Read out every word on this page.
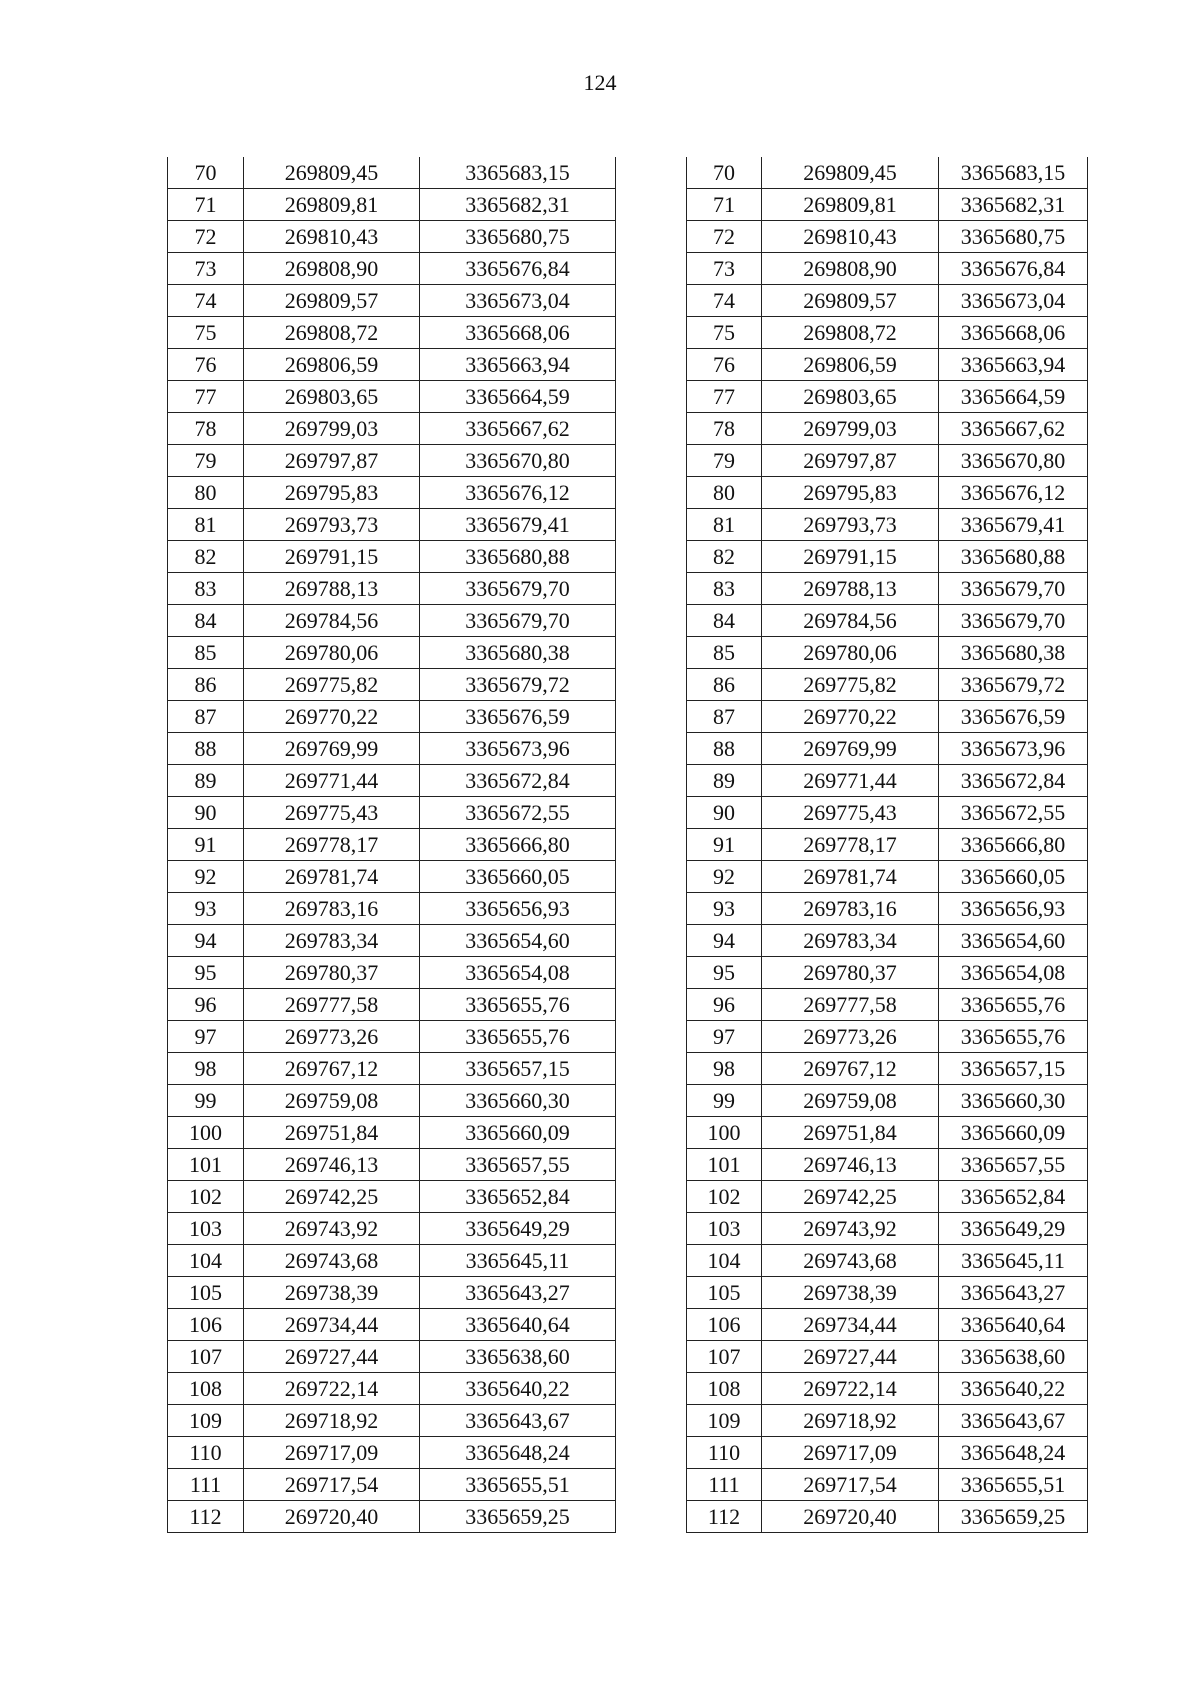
124
70	269809,45	3365683,15
71	269809,81	3365682,31
72	269810,43	3365680,75
73	269808,90	3365676,84
74	269809,57	3365673,04
75	269808,72	3365668,06
76	269806,59	3365663,94
77	269803,65	3365664,59
78	269799,03	3365667,62
79	269797,87	3365670,80
80	269795,83	3365676,12
81	269793,73	3365679,41
82	269791,15	3365680,88
83	269788,13	3365679,70
84	269784,56	3365679,70
85	269780,06	3365680,38
86	269775,82	3365679,72
87	269770,22	3365676,59
88	269769,99	3365673,96
89	269771,44	3365672,84
90	269775,43	3365672,55
91	269778,17	3365666,80
92	269781,74	3365660,05
93	269783,16	3365656,93
94	269783,34	3365654,60
95	269780,37	3365654,08
96	269777,58	3365655,76
97	269773,26	3365655,76
98	269767,12	3365657,15
99	269759,08	3365660,30
100	269751,84	3365660,09
101	269746,13	3365657,55
102	269742,25	3365652,84
103	269743,92	3365649,29
104	269743,68	3365645,11
105	269738,39	3365643,27
106	269734,44	3365640,64
107	269727,44	3365638,60
108	269722,14	3365640,22
109	269718,92	3365643,67
110	269717,09	3365648,24
111	269717,54	3365655,51
112	269720,40	3365659,25
70	269809,45	3365683,15
71	269809,81	3365682,31
72	269810,43	3365680,75
73	269808,90	3365676,84
74	269809,57	3365673,04
75	269808,72	3365668,06
76	269806,59	3365663,94
77	269803,65	3365664,59
78	269799,03	3365667,62
79	269797,87	3365670,80
80	269795,83	3365676,12
81	269793,73	3365679,41
82	269791,15	3365680,88
83	269788,13	3365679,70
84	269784,56	3365679,70
85	269780,06	3365680,38
86	269775,82	3365679,72
87	269770,22	3365676,59
88	269769,99	3365673,96
89	269771,44	3365672,84
90	269775,43	3365672,55
91	269778,17	3365666,80
92	269781,74	3365660,05
93	269783,16	3365656,93
94	269783,34	3365654,60
95	269780,37	3365654,08
96	269777,58	3365655,76
97	269773,26	3365655,76
98	269767,12	3365657,15
99	269759,08	3365660,30
100	269751,84	3365660,09
101	269746,13	3365657,55
102	269742,25	3365652,84
103	269743,92	3365649,29
104	269743,68	3365645,11
105	269738,39	3365643,27
106	269734,44	3365640,64
107	269727,44	3365638,60
108	269722,14	3365640,22
109	269718,92	3365643,67
110	269717,09	3365648,24
111	269717,54	3365655,51
112	269720,40	3365659,25
